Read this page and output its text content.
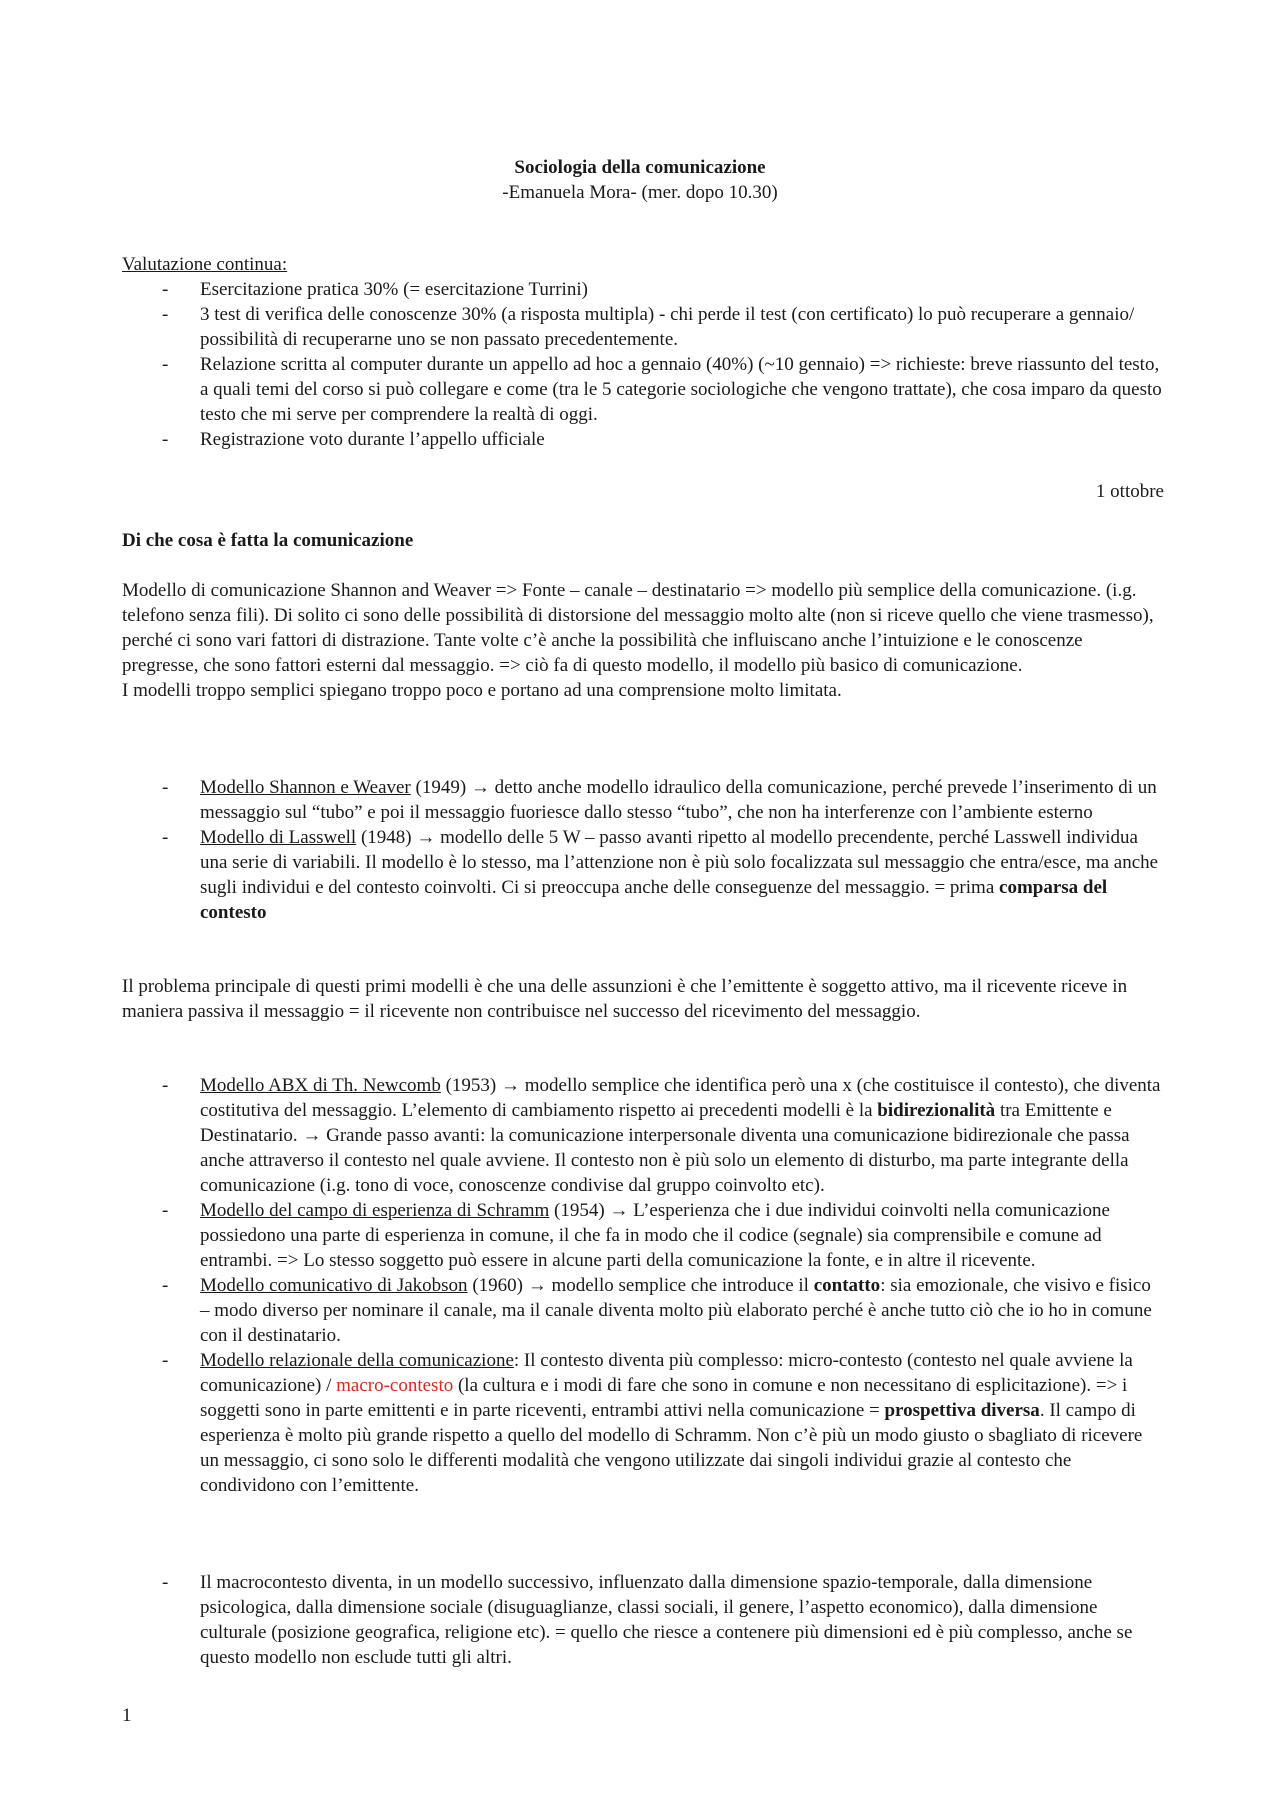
Sociologia della comunicazione
-Emanuela Mora- (mer. dopo 10.30)
Valutazione continua:
- Esercitazione pratica 30% (= esercitazione Turrini)
- 3 test di verifica delle conoscenze 30% (a risposta multipla) - chi perde il test (con certificato) lo può recuperare a gennaio/ possibilità di recuperarne uno se non passato precedentemente.
- Relazione scritta al computer durante un appello ad hoc a gennaio (40%) (~10 gennaio) => richieste: breve riassunto del testo, a quali temi del corso si può collegare e come (tra le 5 categorie sociologiche che vengono trattate), che cosa imparo da questo testo che mi serve per comprendere la realtà di oggi.
- Registrazione voto durante l’appello ufficiale
1 ottobre
Di che cosa è fatta la comunicazione
Modello di comunicazione Shannon and Weaver => Fonte – canale – destinatario => modello più semplice della comunicazione. (i.g. telefono senza fili). Di solito ci sono delle possibilità di distorsione del messaggio molto alte (non si riceve quello che viene trasmesso), perché ci sono vari fattori di distrazione. Tante volte c’è anche la possibilità che influiscano anche l’intuizione e le conoscenze pregresse, che sono fattori esterni dal messaggio. => ciò fa di questo modello, il modello più basico di comunicazione.
I modelli troppo semplici spiegano troppo poco e portano ad una comprensione molto limitata.
- Modello Shannon e Weaver (1949) → detto anche modello idraulico della comunicazione, perché prevede l’inserimento di un messaggio sul “tubo” e poi il messaggio fuoriesce dallo stesso “tubo”, che non ha interferenze con l’ambiente esterno
- Modello di Lasswell (1948) → modello delle 5 W – passo avanti ripetto al modello precendente, perché Lasswell individua una serie di variabili. Il modello è lo stesso, ma l’attenzione non è più solo focalizzata sul messaggio che entra/esce, ma anche sugli individui e del contesto coinvolti. Ci si preoccupa anche delle conseguenze del messaggio. = prima comparsa del contesto
Il problema principale di questi primi modelli è che una delle assunzioni è che l’emittente è soggetto attivo, ma il ricevente riceve in maniera passiva il messaggio = il ricevente non contribuisce nel successo del ricevimento del messaggio.
- Modello ABX di Th. Newcomb (1953) → modello semplice che identifica però una x (che costituisce il contesto), che diventa costitutiva del messaggio. L’elemento di cambiamento rispetto ai precedenti modelli è la bidirezionalità tra Emittente e Destinatario. → Grande passo avanti: la comunicazione interpersonale diventa una comunicazione bidirezionale che passa anche attraverso il contesto nel quale avviene. Il contesto non è più solo un elemento di disturbo, ma parte integrante della comunicazione (i.g. tono di voce, conoscenze condivise dal gruppo coinvolto etc).
- Modello del campo di esperienza di Schramm (1954) → L’esperienza che i due individui coinvolti nella comunicazione possiedono una parte di esperienza in comune, il che fa in modo che il codice (segnale) sia comprensibile e comune ad entrambi. => Lo stesso soggetto può essere in alcune parti della comunicazione la fonte, e in altre il ricevente.
- Modello comunicativo di Jakobson (1960) → modello semplice che introduce il contatto: sia emozionale, che visivo e fisico – modo diverso per nominare il canale, ma il canale diventa molto più elaborato perché è anche tutto ciò che io ho in comune con il destinatario.
- Modello relazionale della comunicazione: Il contesto diventa più complesso: micro-contesto (contesto nel quale avviene la comunicazione) / macro-contesto (la cultura e i modi di fare che sono in comune e non necessitano di esplicitazione). => i soggetti sono in parte emittenti e in parte riceventi, entrambi attivi nella comunicazione = prospettiva diversa. Il campo di esperienza è molto più grande rispetto a quello del modello di Schramm. Non c’è più un modo giusto o sbagliato di ricevere un messaggio, ci sono solo le differenti modalità che vengono utilizzate dai singoli individui grazie al contesto che condividono con l’emittente.
- Il macrocontesto diventa, in un modello successivo, influenzato dalla dimensione spazio-temporale, dalla dimensione psicologica, dalla dimensione sociale (disuguaglianze, classi sociali, il genere, l’aspetto economico), dalla dimensione culturale (posizione geografica, religione etc). = quello che riesce a contenere più dimensioni ed è più complesso, anche se questo modello non esclude tutti gli altri.
1
